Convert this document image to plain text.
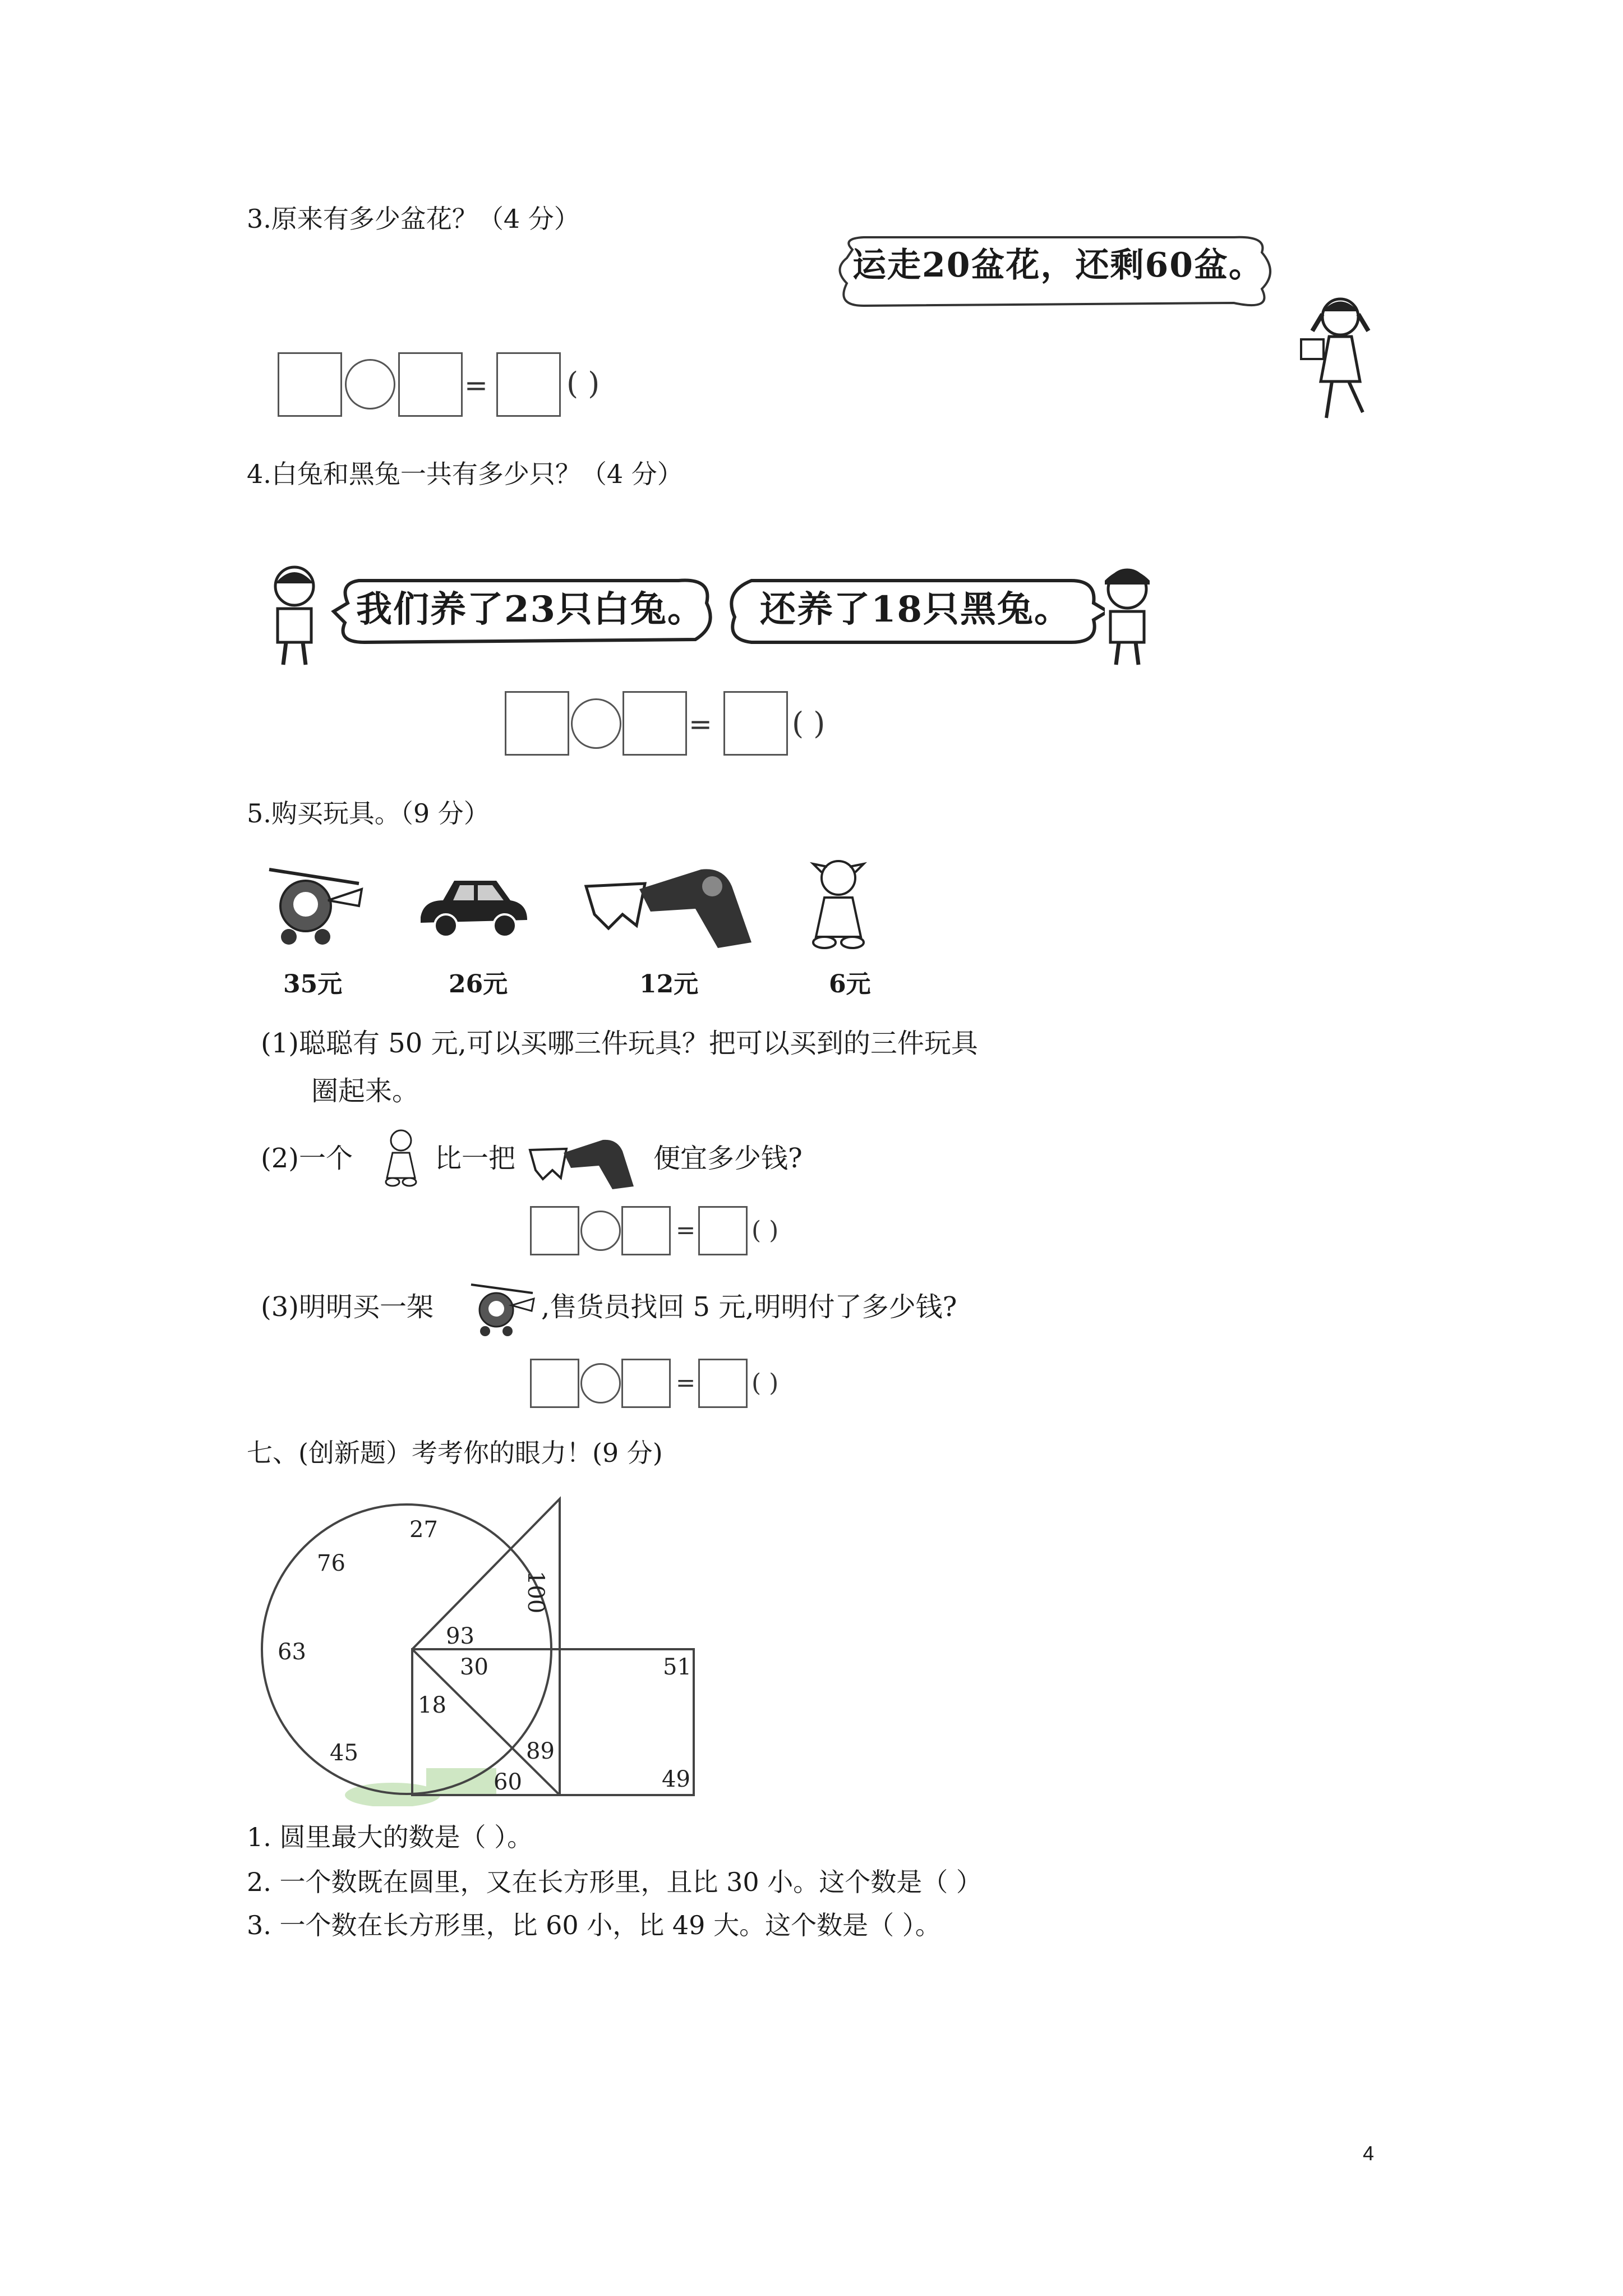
3.原来有多少盆花？（4 分）
运走20盆花，还剩60盆。
=	( )
4.白兔和黑兔一共有多少只？（4 分）
我们养了23只白兔。 还养了18只黑兔。
=	( )
5.购买玩具。（9 分）
35元	26元	12元	6元
(1)聪聪有 50 元,可以买哪三件玩具？把可以买到的三件玩具
圈起来。
(2)一个	比一把	便宜多少钱?
= ( )
(3)明明买一架	,售货员找回 5 元,明明付了多少钱?
= ( )
七、(创新题）考考你的眼力！(9 分)
27
76
100
93
63
30	51
18
45	89
60	49
1. 圆里最大的数是（ ）。
2. 一个数既在圆里，又在长方形里，且比 30 小。这个数是（ ）
3. 一个数在长方形里，比 60 小，比 49 大。这个数是（ ）。
4
